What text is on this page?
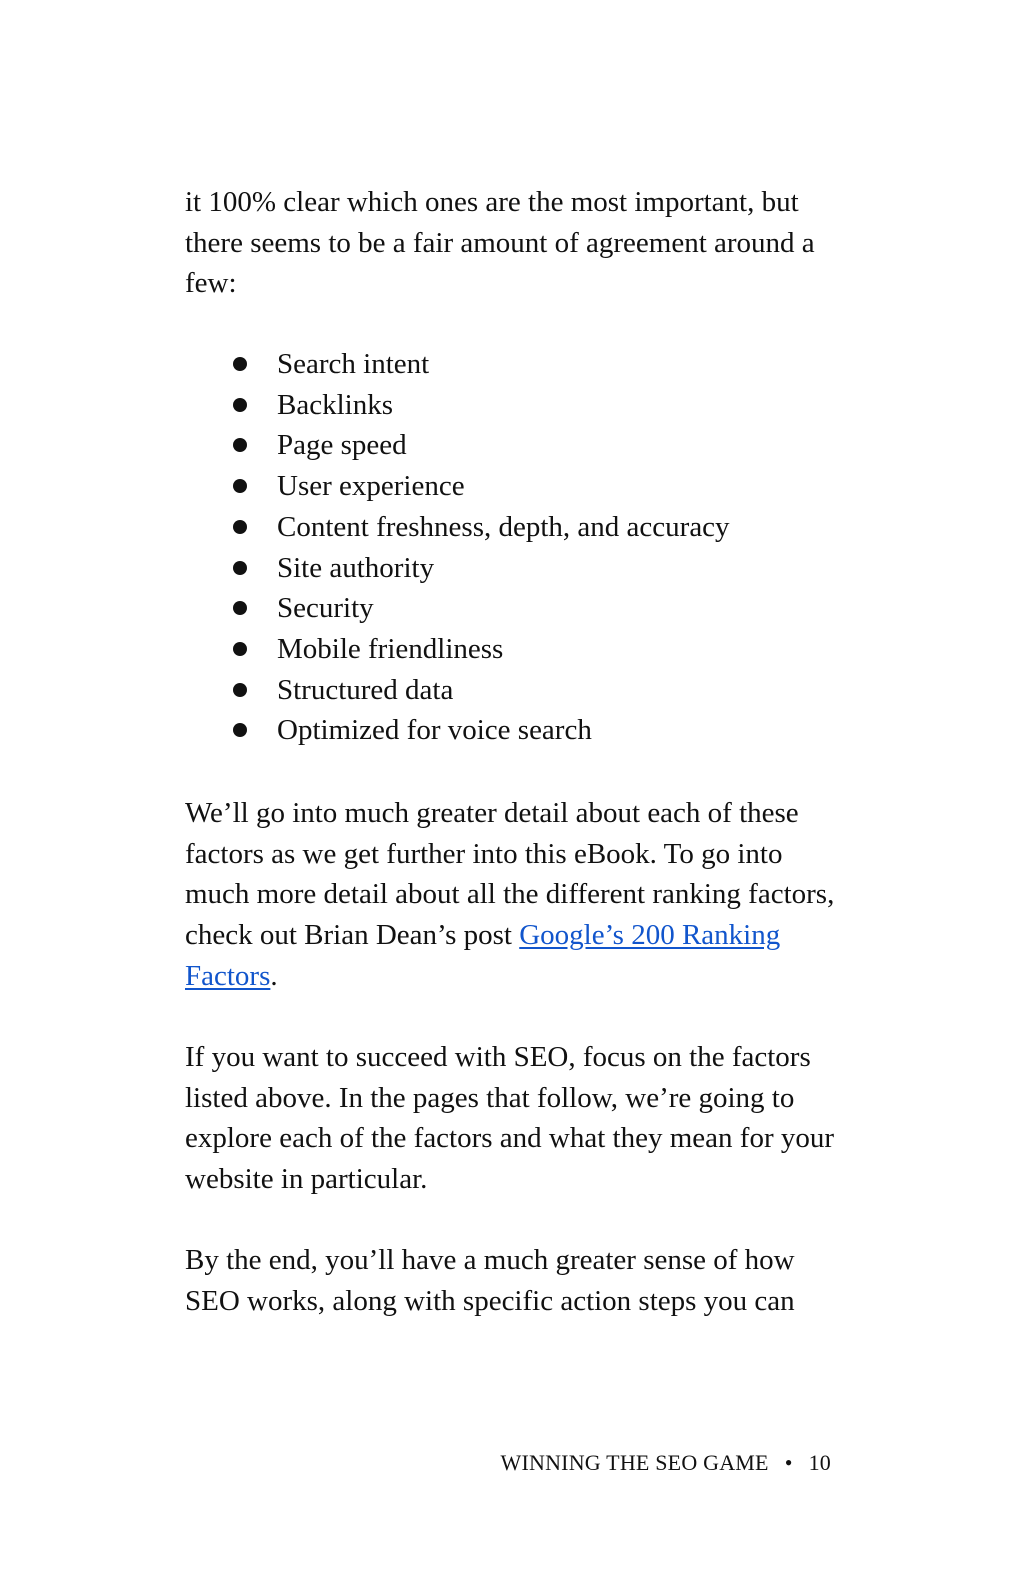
it 100% clear which ones are the most important, but there seems to be a fair amount of agreement around a few:

Search intent
Backlinks
Page speed
User experience
Content freshness, depth, and accuracy
Site authority
Security
Mobile friendliness
Structured data
Optimized for voice search

We’ll go into much greater detail about each of these factors as we get further into this eBook. To go into much more detail about all the different ranking factors, check out Brian Dean’s post Google’s 200 Ranking Factors.

If you want to succeed with SEO, focus on the factors listed above. In the pages that follow, we’re going to explore each of the factors and what they mean for your website in particular.

By the end, you’ll have a much greater sense of how SEO works, along with specific action steps you can

WINNING THE SEO GAME • 10
